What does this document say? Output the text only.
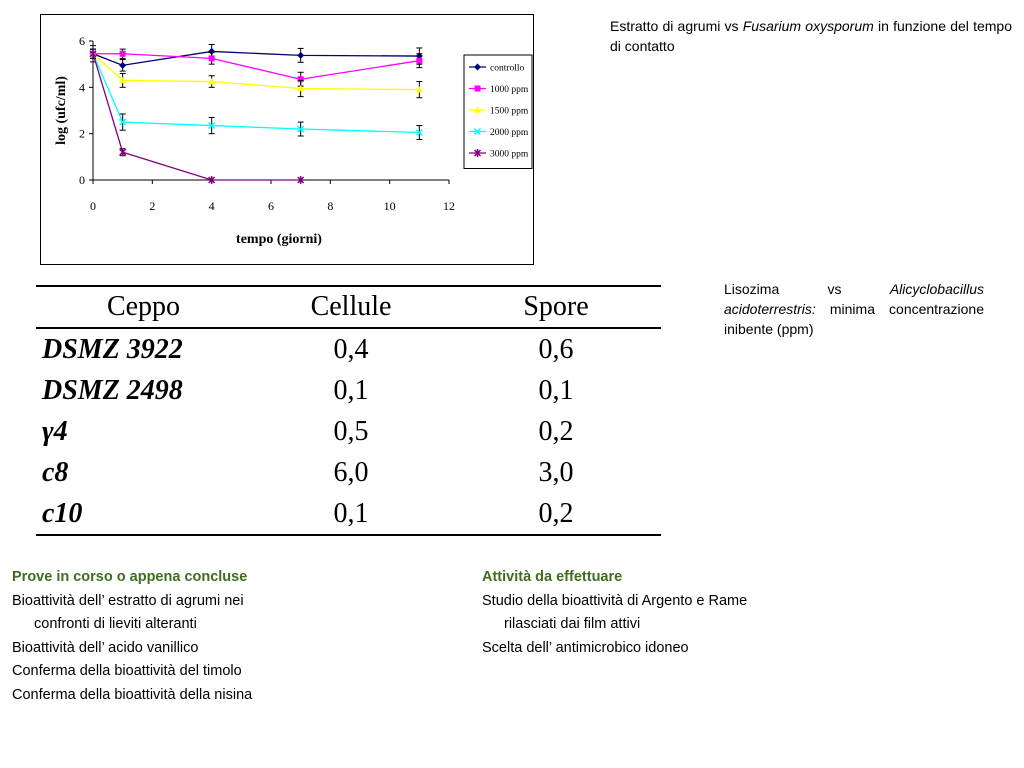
0
2
4
6
0	2	4	6	8	10	12
tempo (giorni)
log (ufc/ml)
controllo
1000 ppm
1500 ppm
2000 ppm
3000 ppm
Estratto di agrumi vs Fusarium oxysporum in funzione del tempo di contatto
Lisozima vs Alicyclobacillus acidoterrestris: minima concentrazione inibente (ppm)
Ceppo	Cellule	Spore
DSMZ 3922	0,4	0,6
DSMZ 2498	0,1	0,1
γ4	0,5	0,2
c8	6,0	3,0
c10	0,1	0,2
Prove in corso o appena concluse
Bioattività dell’ estratto di agrumi nei
confronti di lieviti alteranti
Bioattività dell’ acido vanillico
Conferma della bioattività del timolo
Conferma della bioattività della nisina
Attività da effettuare
Studio della bioattività di Argento e Rame
rilasciati dai film attivi
Scelta dell’ antimicrobico idoneo
